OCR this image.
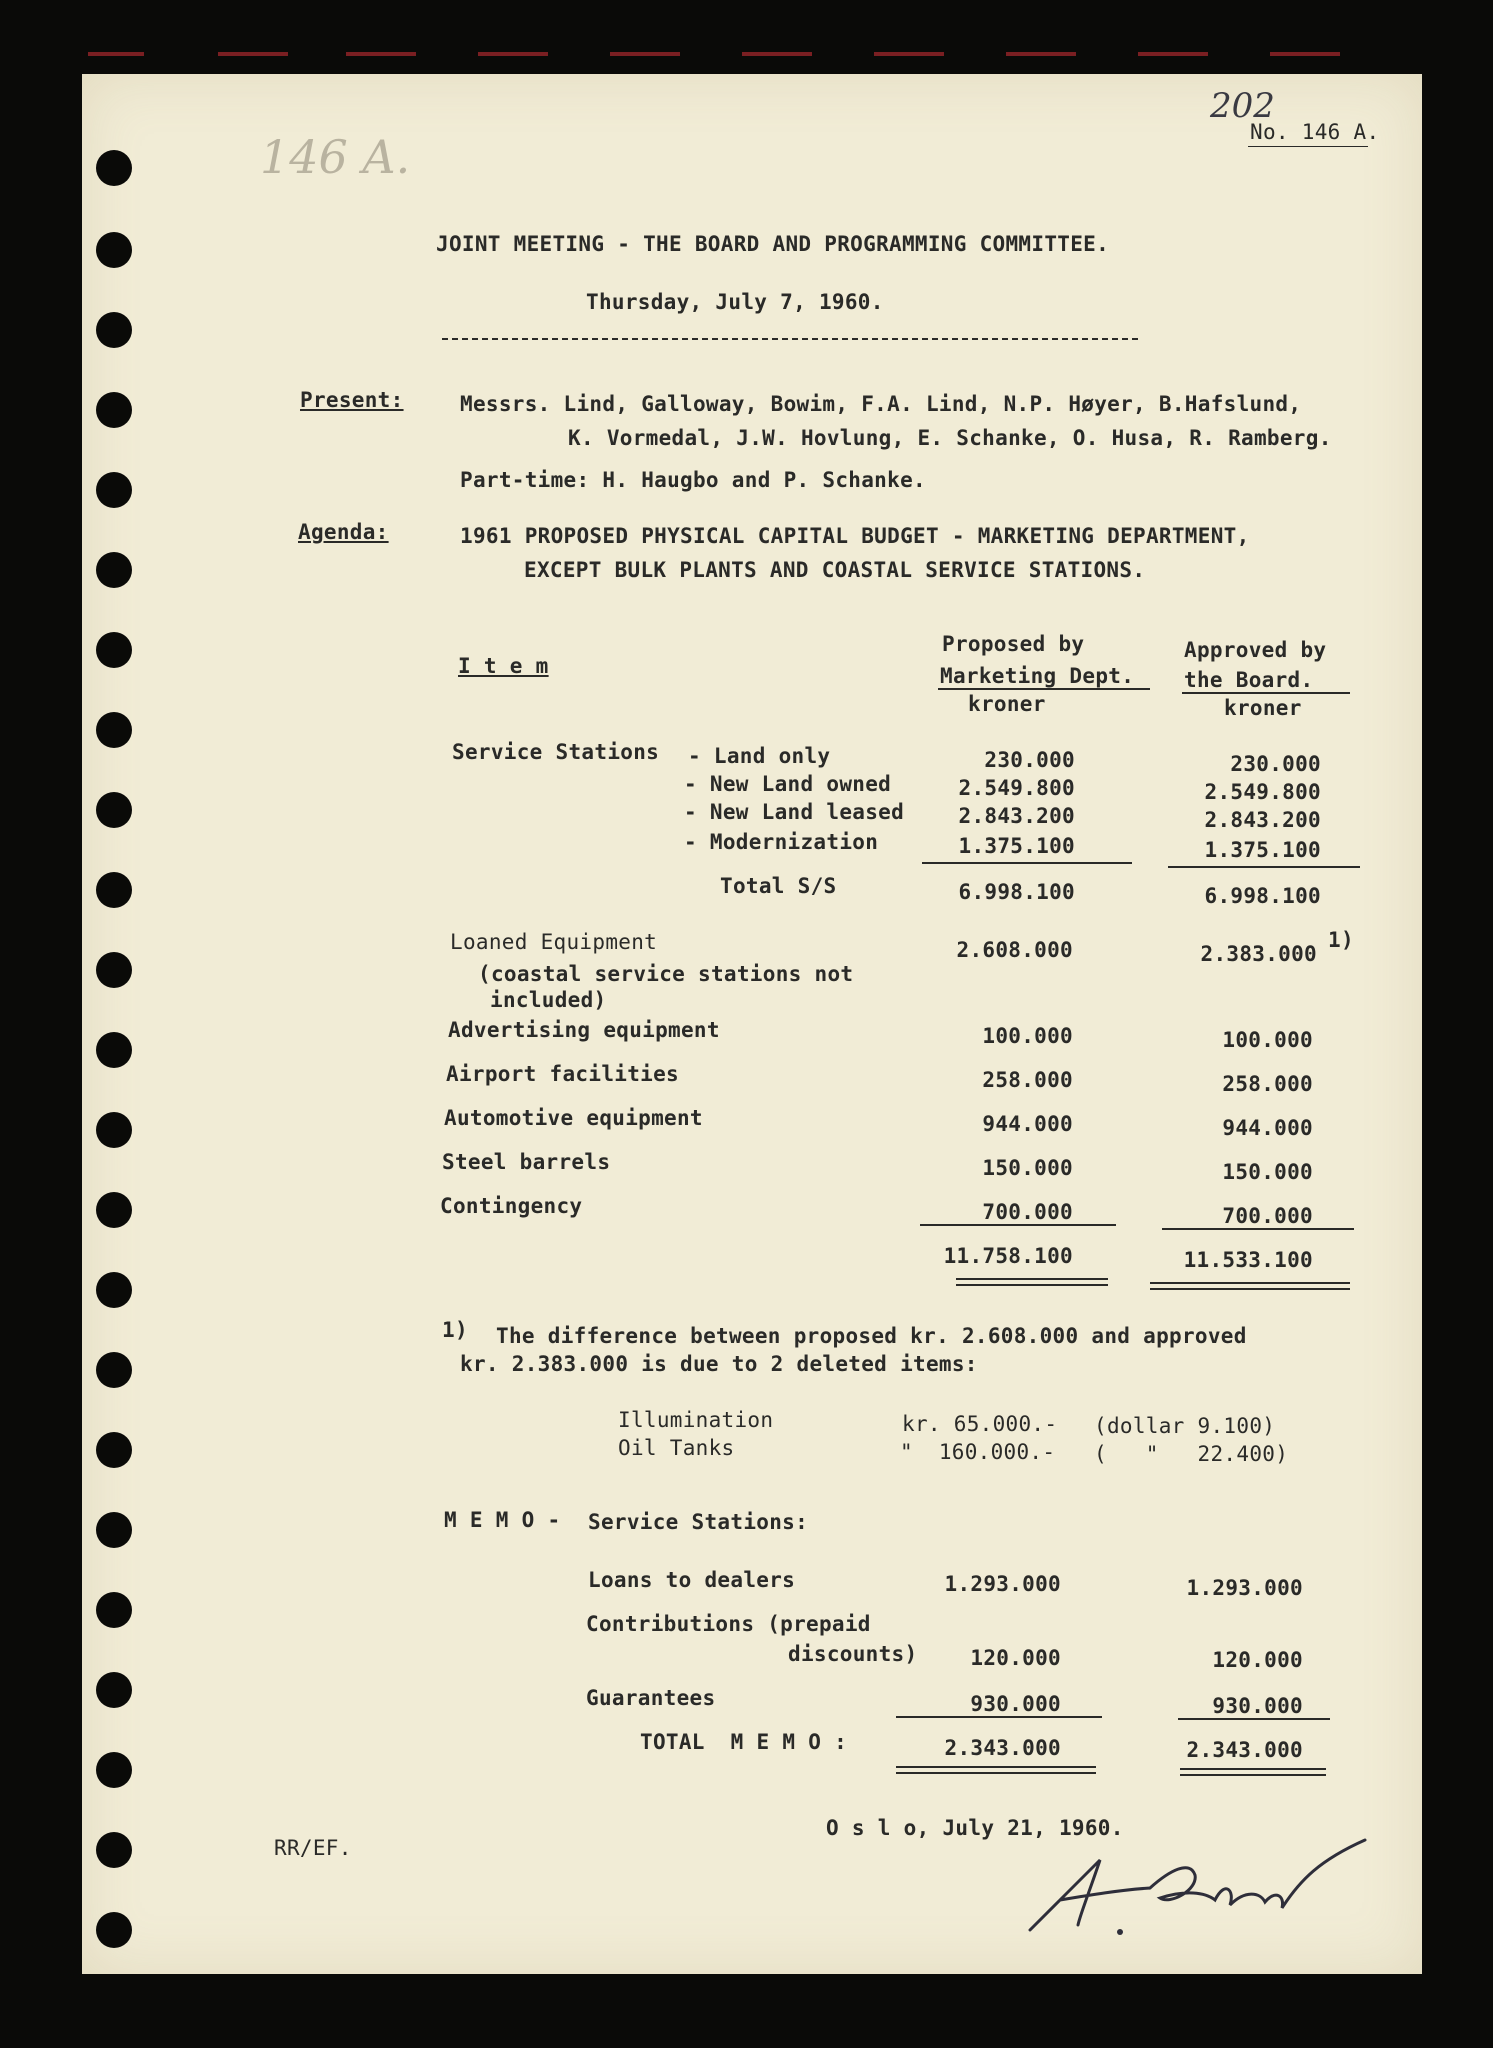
202
No. 146 A.
146 A.
JOINT MEETING - THE BOARD AND PROGRAMMING COMMITTEE.
Thursday, July 7, 1960.
Present:	Messrs. Lind, Galloway, Bowim, F.A. Lind, N.P. Høyer, B.Hafslund,
K. Vormedal, J.W. Hovlung, E. Schanke, O. Husa, R. Ramberg.
Part-time: H. Haugbo and P. Schanke.
Agenda:	1961 PROPOSED PHYSICAL CAPITAL BUDGET - MARKETING DEPARTMENT,
EXCEPT BULK PLANTS AND COASTAL SERVICE STATIONS.
I t e m
Proposed by
Marketing Dept.
kroner
Approved by
the Board.
kroner
Service Stations - Land only	230.000	230.000
- New Land owned	2.549.800	2.549.800
- New Land leased	2.843.200	2.843.200
- Modernization	1.375.100	1.375.100
Total S/S	6.998.100	6.998.100
Loaned Equipment
(coastal service stations not
included)
2.608.000	2.383.000
1)
Advertising equipment	100.000	100.000
Airport facilities	258.000	258.000
Automotive equipment	944.000	944.000
Steel barrels	150.000	150.000
Contingency	700.000	700.000
11.758.100	11.533.100
1) The difference between proposed kr. 2.608.000 and approved
kr. 2.383.000 is due to 2 deleted items:
Illumination	kr. 65.000.- (dollar 9.100)
Oil Tanks	"  160.000.- (   "   22.400)
M E M O - Service Stations:
Loans to dealers	1.293.000	1.293.000
Contributions (prepaid
discounts)	120.000	120.000
Guarantees	930.000	930.000
TOTAL  M E M O :	2.343.000	2.343.000
O s l o, July 21, 1960.
RR/EF.
